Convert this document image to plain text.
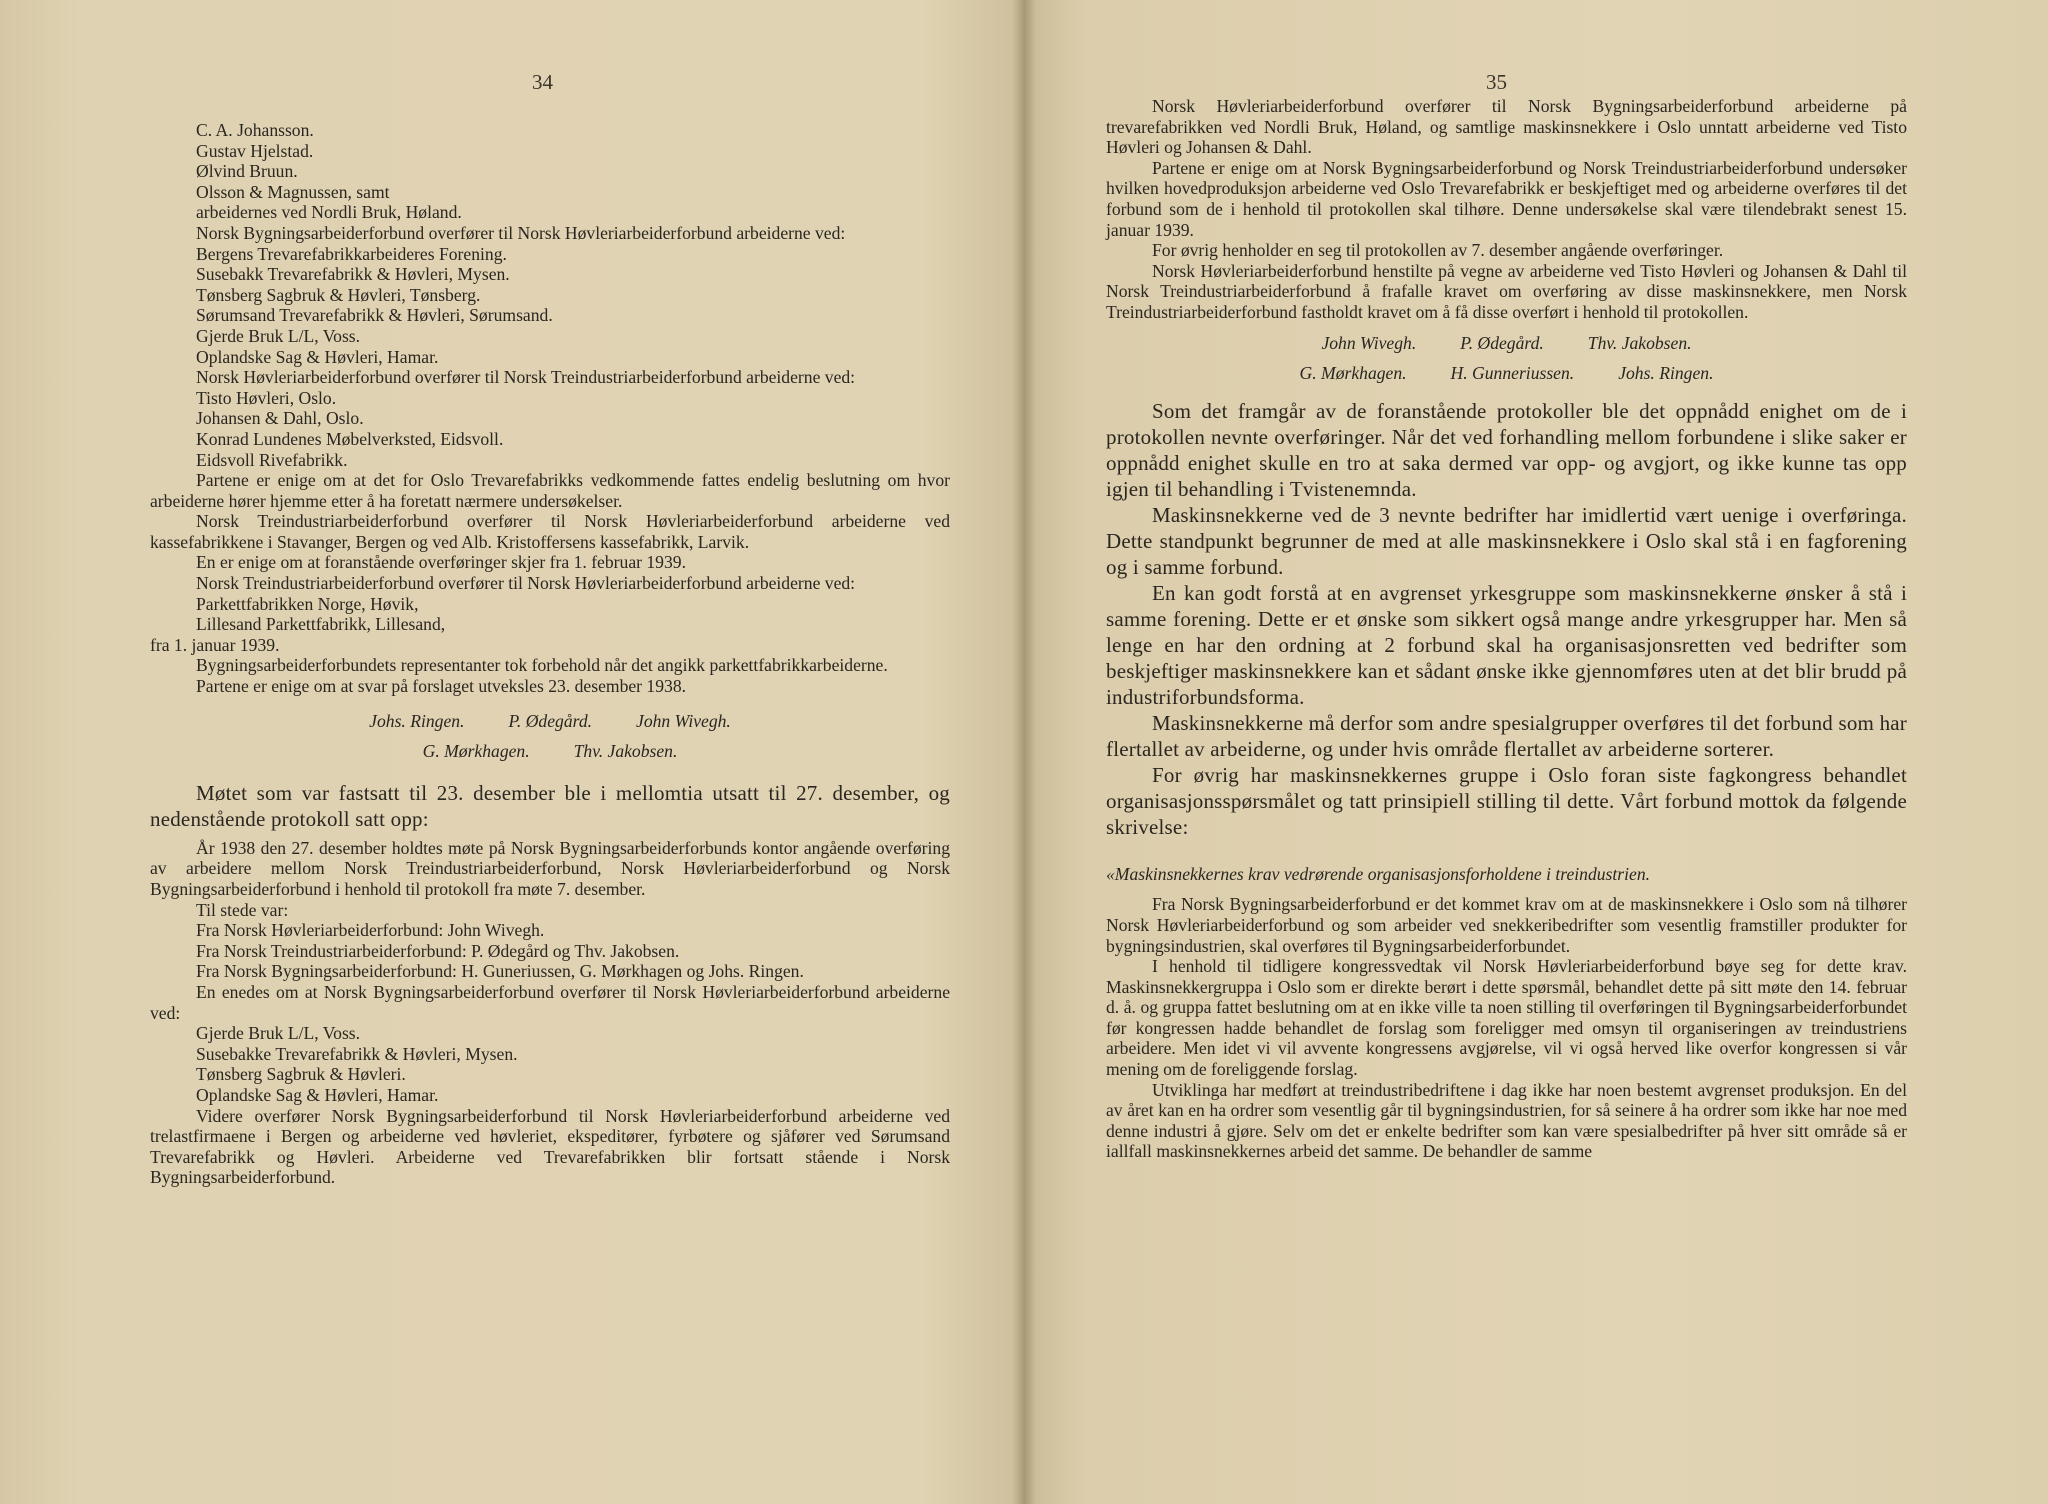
34

C. A. Johansson.

Gustav Hjelstad.

Ølvind Bruun.

Olsson & Magnussen, samt

arbeidernes ved Nordli Bruk, Høland.

Norsk Bygningsarbeiderforbund overfører til Norsk Høvleriarbeiderforbund arbeiderne ved:

Bergens Trevarefabrikkarbeideres Forening.

Susebakk Trevarefabrikk & Høvleri, Mysen.

Tønsberg Sagbruk & Høvleri, Tønsberg.

Sørumsand Trevarefabrikk & Høvleri, Sørumsand.

Gjerde Bruk L/L, Voss.

Oplandske Sag & Høvleri, Hamar.

Norsk Høvleriarbeiderforbund overfører til Norsk Treindustriarbeiderforbund arbeiderne ved:

Tisto Høvleri, Oslo.

Johansen & Dahl, Oslo.

Konrad Lundenes Møbelverksted, Eidsvoll.

Eidsvoll Rivefabrikk.

Partene er enige om at det for Oslo Trevarefabrikks vedkommende fattes endelig beslutning om hvor arbeiderne hører hjemme etter å ha foretatt nærmere undersøkelser.

Norsk Treindustriarbeiderforbund overfører til Norsk Høvleriarbeiderforbund arbeiderne ved kassefabrikkene i Stavanger, Bergen og ved Alb. Kristoffersens kassefabrikk, Larvik.

En er enige om at foranstående overføringer skjer fra 1. februar 1939.

Norsk Treindustriarbeiderforbund overfører til Norsk Høvleriarbeiderforbund arbeiderne ved:

Parkettfabrikken Norge, Høvik,

Lillesand Parkettfabrikk, Lillesand,

fra 1. januar 1939.

Bygningsarbeiderforbundets representanter tok forbehold når det angikk parkettfabrikkarbeiderne.

Partene er enige om at svar på forslaget utveksles 23. desember 1938.

Johs. Ringen.	P. Ødegård.	John Wivegh.

G. Mørkhagen.	Thv. Jakobsen.

Møtet som var fastsatt til 23. desember ble i mellomtia utsatt til 27. desember, og nedenstående protokoll satt opp:

År 1938 den 27. desember holdtes møte på Norsk Bygningsarbeiderforbunds kontor angående overføring av arbeidere mellom Norsk Treindustriarbeiderforbund, Norsk Høvleriarbeiderforbund og Norsk Bygningsarbeiderforbund i henhold til protokoll fra møte 7. desember.

Til stede var:

Fra Norsk Høvleriarbeiderforbund: John Wivegh.

Fra Norsk Treindustriarbeiderforbund: P. Ødegård og Thv. Jakobsen.

Fra Norsk Bygningsarbeiderforbund: H. Guneriussen, G. Mørkhagen og Johs. Ringen.

En enedes om at Norsk Bygningsarbeiderforbund overfører til Norsk Høvleriarbeiderforbund arbeiderne ved:

Gjerde Bruk L/L, Voss.

Susebakke Trevarefabrikk & Høvleri, Mysen.

Tønsberg Sagbruk & Høvleri.

Oplandske Sag & Høvleri, Hamar.

Videre overfører Norsk Bygningsarbeiderforbund til Norsk Høvleriarbeiderforbund arbeiderne ved trelastfirmaene i Bergen og arbeiderne ved høvleriet, ekspeditører, fyrbøtere og sjåfører ved Sørumsand Trevarefabrikk og Høvleri. Arbeiderne ved Trevarefabrikken blir fortsatt stående i Norsk Bygningsarbeiderforbund.

35

Norsk Høvleriarbeiderforbund overfører til Norsk Bygningsarbeiderforbund arbeiderne på trevarefabrikken ved Nordli Bruk, Høland, og samtlige maskinsnekkere i Oslo unntatt arbeiderne ved Tisto Høvleri og Johansen & Dahl.

Partene er enige om at Norsk Bygningsarbeiderforbund og Norsk Treindustriarbeiderforbund undersøker hvilken hovedproduksjon arbeiderne ved Oslo Trevarefabrikk er beskjeftiget med og arbeiderne overføres til det forbund som de i henhold til protokollen skal tilhøre. Denne undersøkelse skal være tilendebrakt senest 15. januar 1939.

For øvrig henholder en seg til protokollen av 7. desember angående overføringer.

Norsk Høvleriarbeiderforbund henstilte på vegne av arbeiderne ved Tisto Høvleri og Johansen & Dahl til Norsk Treindustriarbeiderforbund å frafalle kravet om overføring av disse maskinsnekkere, men Norsk Treindustriarbeiderforbund fastholdt kravet om å få disse overført i henhold til protokollen.

John Wivegh.	P. Ødegård.	Thv. Jakobsen.

G. Mørkhagen.	H. Gunneriussen.	Johs. Ringen.

Som det framgår av de foranstående protokoller ble det oppnådd enighet om de i protokollen nevnte overføringer. Når det ved forhandling mellom forbundene i slike saker er oppnådd enighet skulle en tro at saka dermed var opp- og avgjort, og ikke kunne tas opp igjen til behandling i Tvistenemnda.

Maskinsnekkerne ved de 3 nevnte bedrifter har imidlertid vært uenige i overføringa. Dette standpunkt begrunner de med at alle maskinsnekkere i Oslo skal stå i en fagforening og i samme forbund.

En kan godt forstå at en avgrenset yrkesgruppe som maskinsnekkerne ønsker å stå i samme forening. Dette er et ønske som sikkert også mange andre yrkesgrupper har. Men så lenge en har den ordning at 2 forbund skal ha organisasjonsretten ved bedrifter som beskjeftiger maskinsnekkere kan et sådant ønske ikke gjennomføres uten at det blir brudd på industriforbundsforma.

Maskinsnekkerne må derfor som andre spesialgrupper overføres til det forbund som har flertallet av arbeiderne, og under hvis område flertallet av arbeiderne sorterer.

For øvrig har maskinsnekkernes gruppe i Oslo foran siste fagkongress behandlet organisasjonsspørsmålet og tatt prinsipiell stilling til dette. Vårt forbund mottok da følgende skrivelse:

«Maskinsnekkernes krav vedrørende organisasjonsforholdene i treindustrien.

Fra Norsk Bygningsarbeiderforbund er det kommet krav om at de maskinsnekkere i Oslo som nå tilhører Norsk Høvleriarbeiderforbund og som arbeider ved snekkeribedrifter som vesentlig framstiller produkter for bygningsindustrien, skal overføres til Bygningsarbeiderforbundet.

I henhold til tidligere kongressvedtak vil Norsk Høvleriarbeiderforbund bøye seg for dette krav. Maskinsnekkergruppa i Oslo som er direkte berørt i dette spørsmål, behandlet dette på sitt møte den 14. februar d. å. og gruppa fattet beslutning om at en ikke ville ta noen stilling til overføringen til Bygningsarbeiderforbundet før kongressen hadde behandlet de forslag som foreligger med omsyn til organiseringen av treindustriens arbeidere. Men idet vi vil avvente kongressens avgjørelse, vil vi også herved like overfor kongressen si vår mening om de foreliggende forslag.

Utviklinga har medført at treindustribedriftene i dag ikke har noen bestemt avgrenset produksjon. En del av året kan en ha ordrer som vesentlig går til bygningsindustrien, for så seinere å ha ordrer som ikke har noe med denne industri å gjøre. Selv om det er enkelte bedrifter som kan være spesialbedrifter på hver sitt område så er iallfall maskinsnekkernes arbeid det samme. De behandler de samme
